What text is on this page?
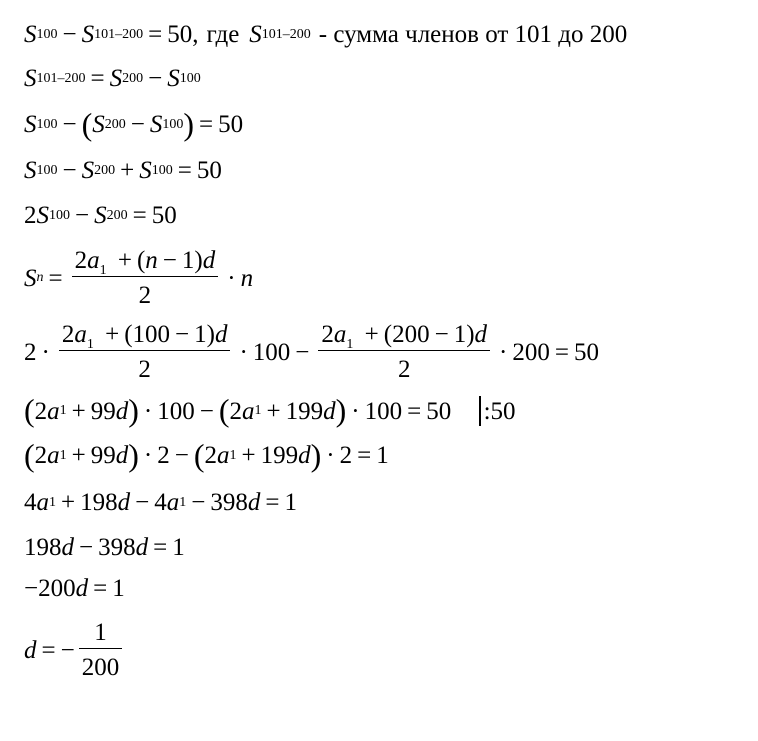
S 100 − S 101–200 = 50 , где S 101–200 - сумма членов от 101 до 200
S 101–200 = S 200 − S 100
S 100 − ( S 200 − S 100 ) = 50
S 100 − S 200 + S 100 = 50
2 S 100 − S 200 = 50
S $n = \frac{2a_1 + (n - 1)d}{2} \cdot n$
$2 \cdot \frac{2a_1 + (100 - 1)d}{2} \cdot 100 - \frac{2a_1 + (200 - 1)d}{2} \cdot 200 = 50$
( 2 a 1 + 99 d ) · 100 − ( 2 a 1 + 199 d ) · 100 = 50 :50
( 2 a 1 + 99 d ) · 2 − ( 2 a 1 + 199 d ) · 2 = 1
4 a 1 + 198 d − 4 a 1 − 398 d = 1
198 d − 398 d = 1
−200 d = 1
d = − $\frac{1}{200}$
